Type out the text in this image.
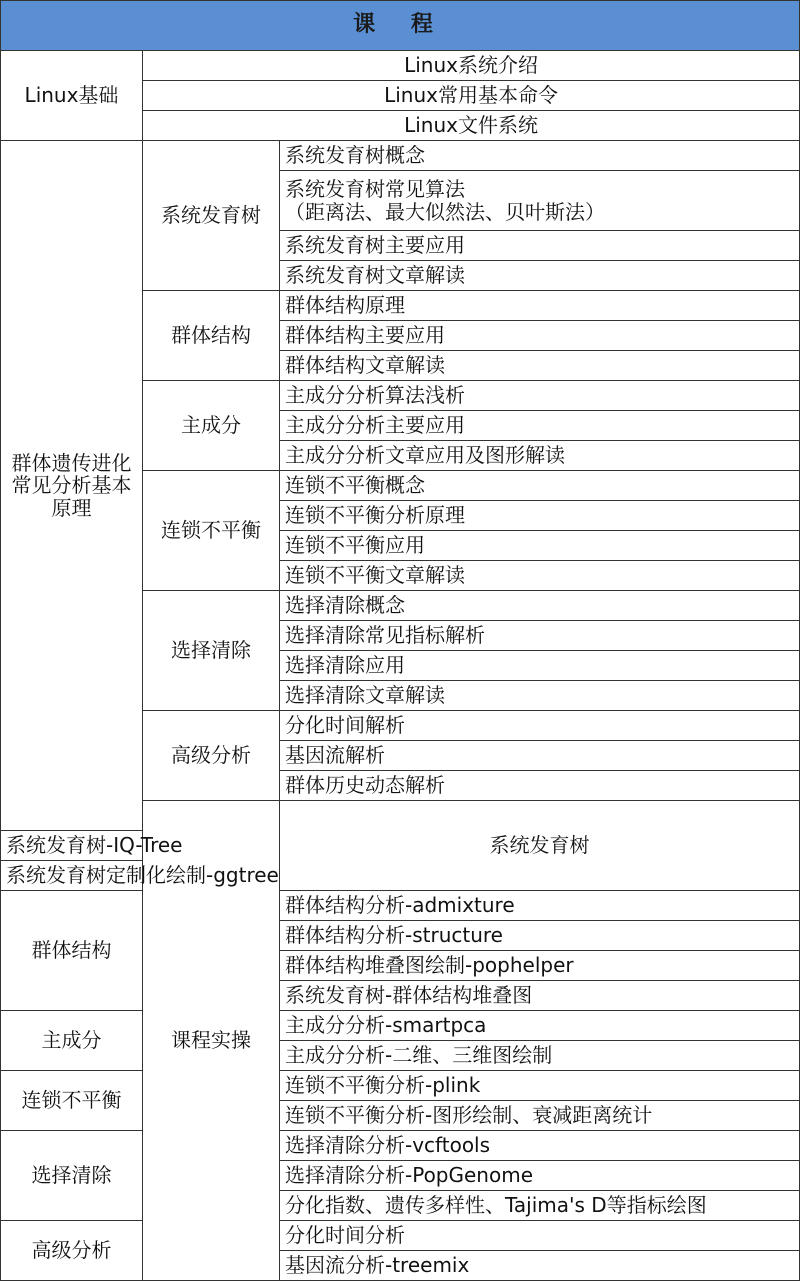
课 程			
Linux基础	Linux系统介绍		
	Linux常用基本命令		
	Linux文件系统		
群体遗传进化常见分析基本原理	系统发育树	系统发育树概念	
		系统发育树常见算法
（距离法、最大似然法、贝叶斯法）	
		系统发育树主要应用	
		系统发育树文章解读	
	群体结构	群体结构原理	
		群体结构主要应用	
		群体结构文章解读	
	主成分	主成分分析算法浅析	
		主成分分析主要应用	
		主成分分析文章应用及图形解读	
	连锁不平衡	连锁不平衡概念	
		连锁不平衡分析原理	
		连锁不平衡应用	
		连锁不平衡文章解读	
	选择清除	选择清除概念	
		选择清除常见指标解析	
		选择清除应用	
		选择清除文章解读	
	高级分析	分化时间解析	
		基因流解析	
		群体历史动态解析	
	课程实操	系统发育树	
系统发育树-IQ-Tree			
系统发育树定制化绘制-ggtree			
群体结构		群体结构分析-admixture	
		群体结构分析-structure	
		群体结构堆叠图绘制-pophelper	
		系统发育树-群体结构堆叠图	
主成分		主成分分析-smartpca	
		主成分分析-二维、三维图绘制	
连锁不平衡		连锁不平衡分析-plink	
		连锁不平衡分析-图形绘制、衰减距离统计	
选择清除		选择清除分析-vcftools	
		选择清除分析-PopGenome	
		分化指数、遗传多样性、Tajima's D等指标绘图	
高级分析		分化时间分析	
		基因流分析-treemix	
